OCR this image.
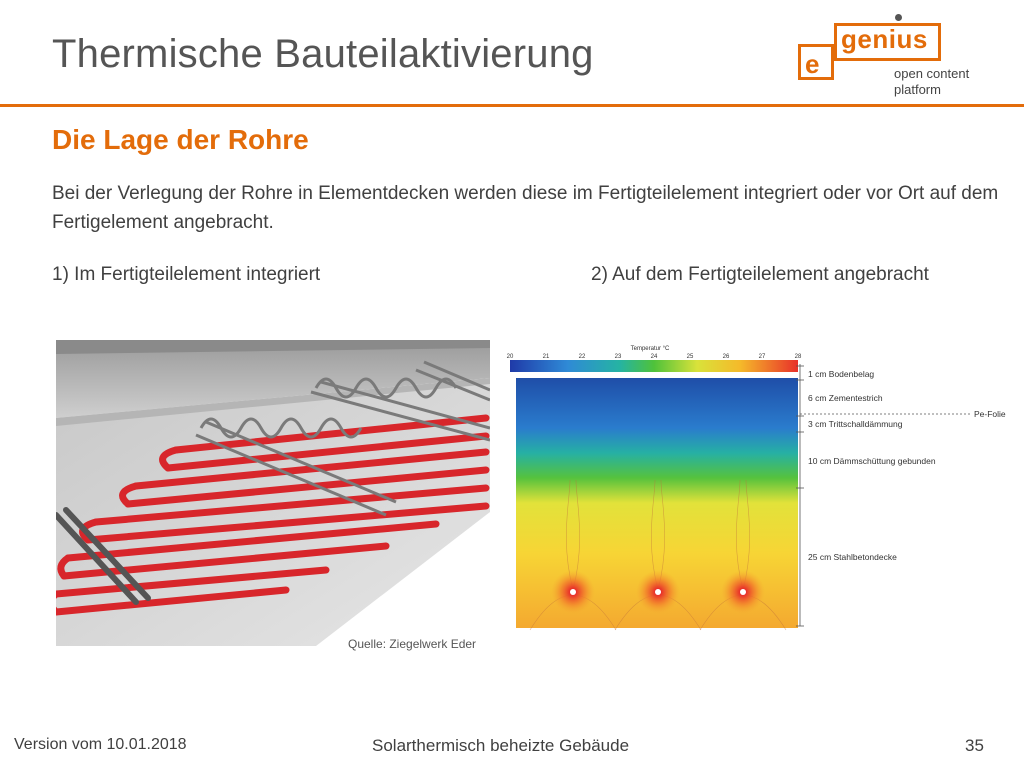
Thermische Bauteilaktivierung	e
genius
open content
platform
Die Lage der Rohre
Bei der Verlegung der Rohre in Elementdecken werden diese im Fertigteilelement integriert oder vor Ort auf dem Fertigelement angebracht.
1) Im Fertigteilelement integriert	2) Auf dem Fertigteilelement angebracht
Temperatur °C
20	21	22	23	24	25	26	27	28
1 cm Bodenbelag
6 cm Zementestrich
3 cm Trittschalldämmung
10 cm Dämmschüttung gebunden
25 cm Stahlbetondecke
Pe-Folie
Quelle: Ziegelwerk Eder
Version vom 10.01.2018	Solarthermisch beheizte Gebäude	35
